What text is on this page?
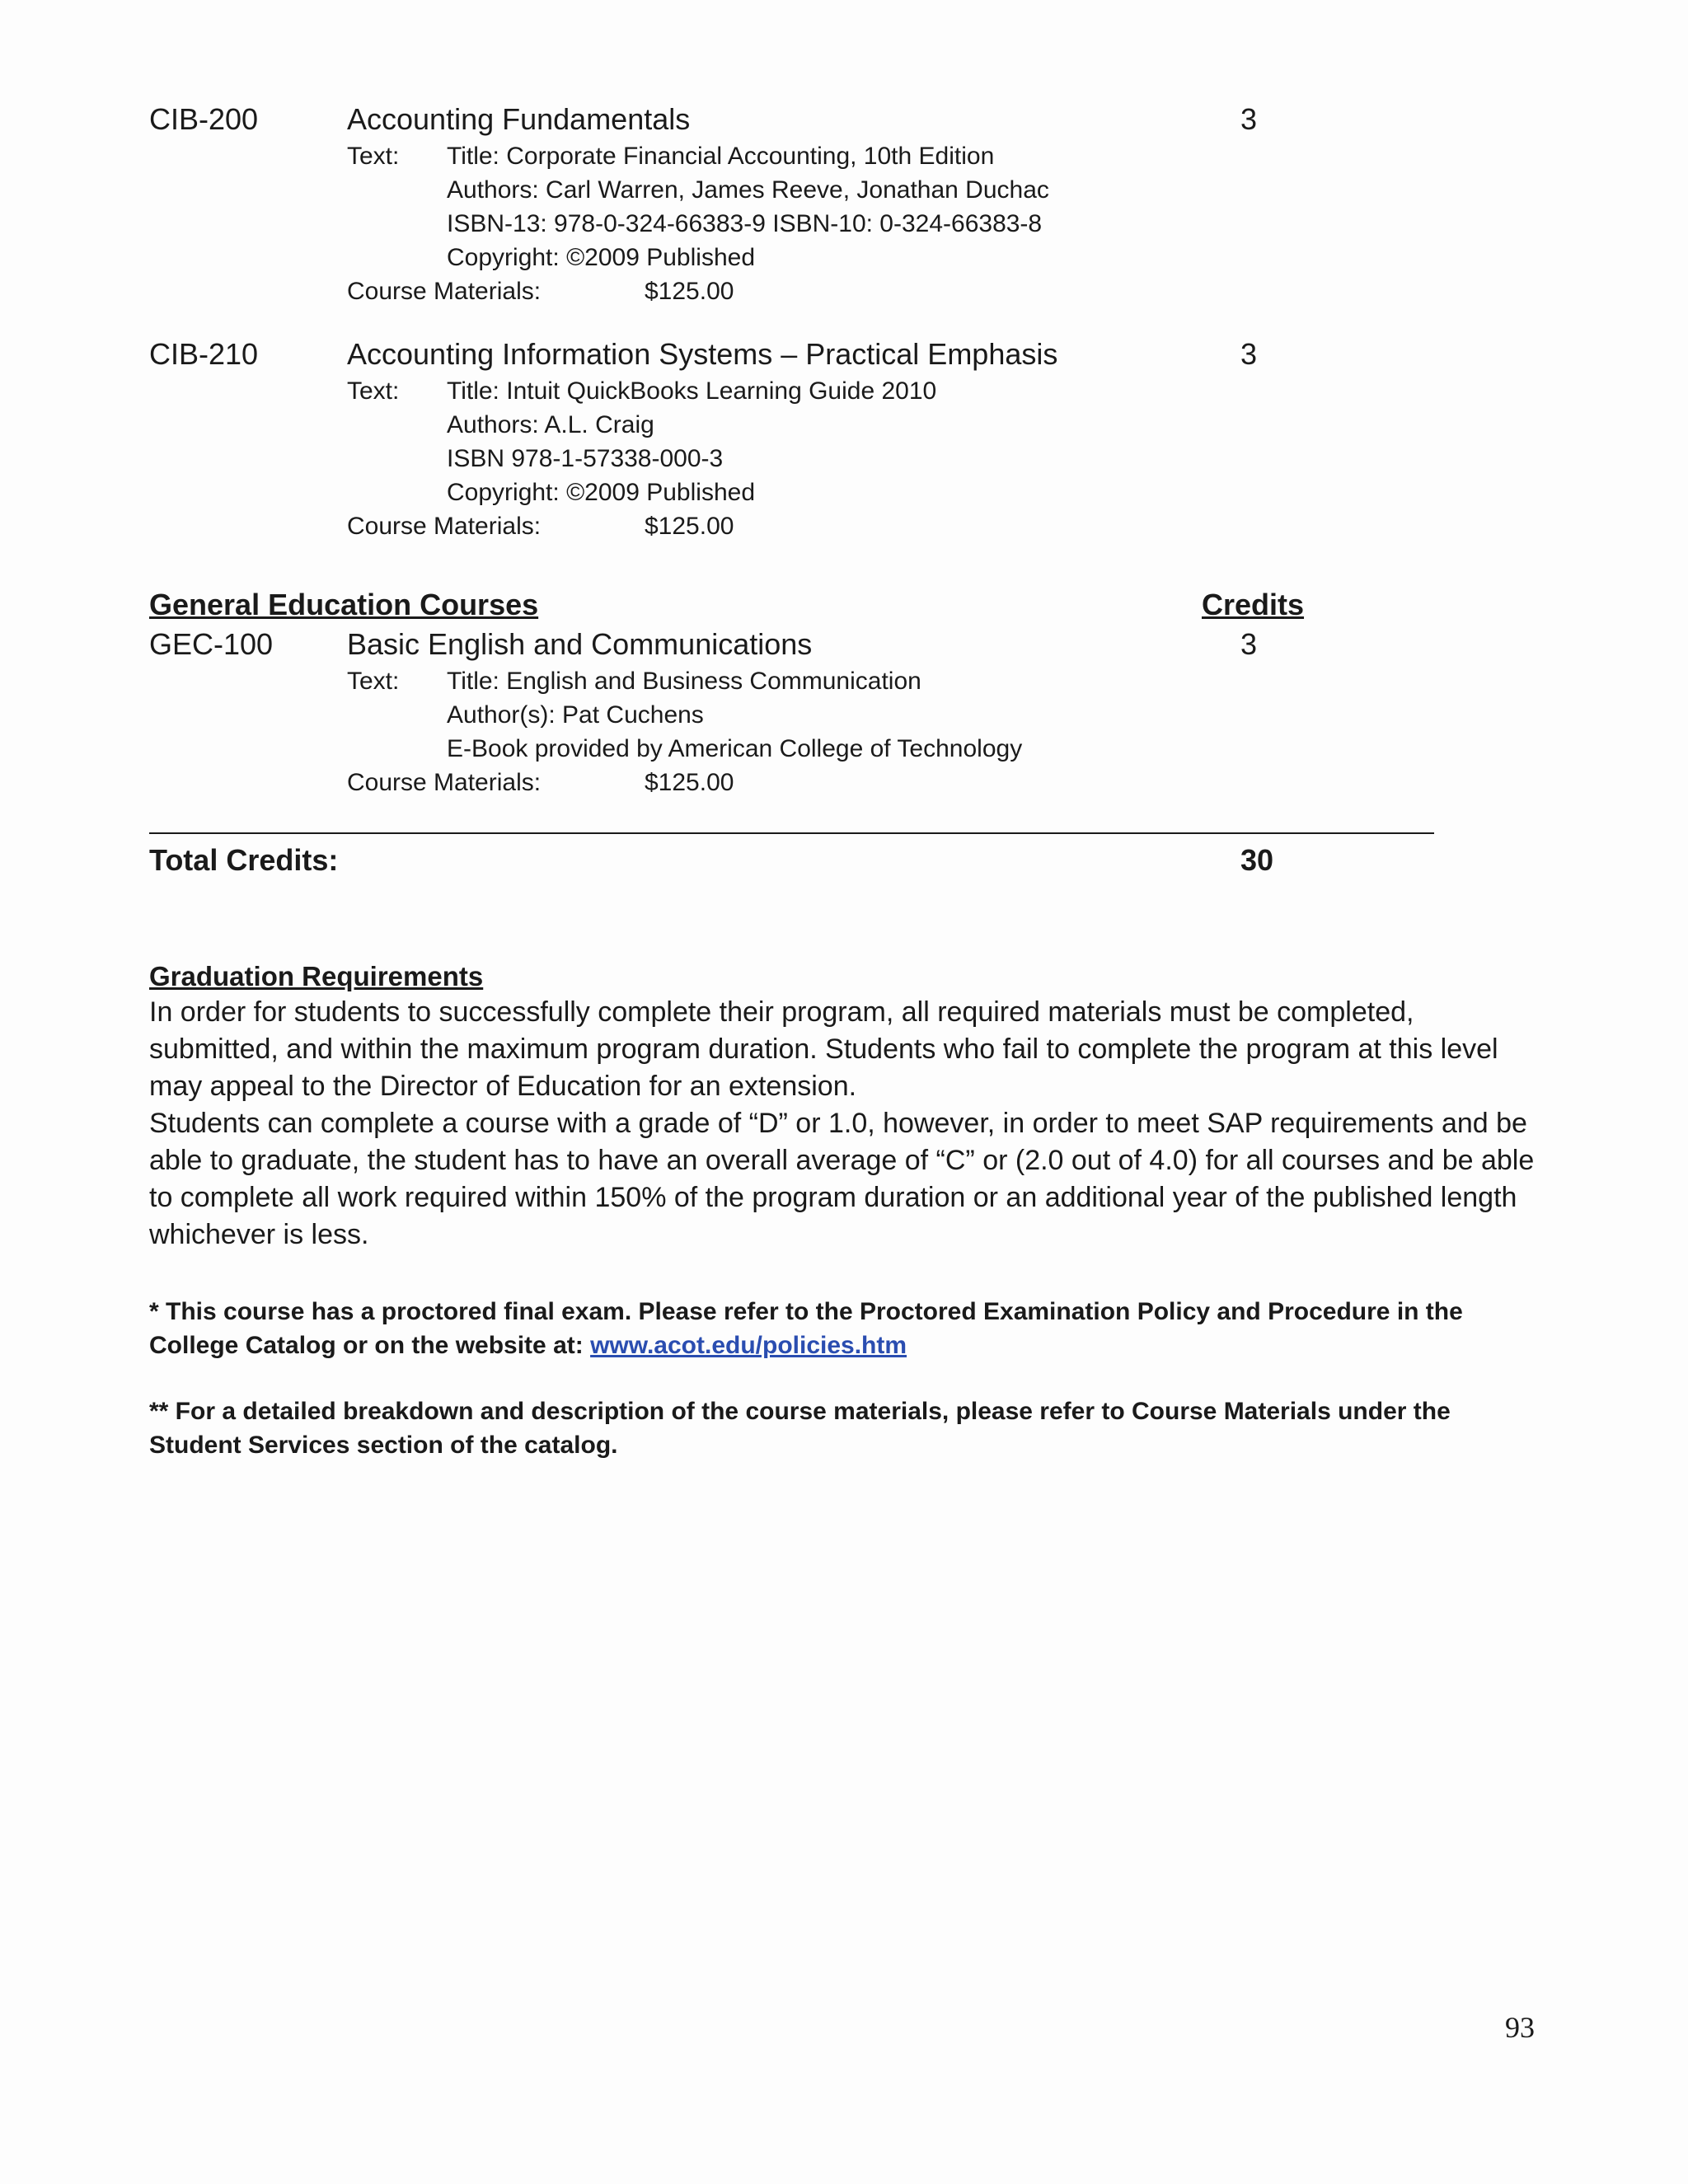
CIB-200	Accounting Fundamentals	3
Text: Title: Corporate Financial Accounting, 10th Edition
Authors: Carl Warren, James Reeve, Jonathan Duchac
ISBN-13: 978-0-324-66383-9 ISBN-10: 0-324-66383-8
Copyright: ©2009 Published
Course Materials:	$125.00
CIB-210	Accounting Information Systems – Practical Emphasis	3
Text: Title: Intuit QuickBooks Learning Guide 2010
Authors: A.L. Craig
ISBN 978-1-57338-000-3
Copyright: ©2009 Published
Course Materials:	$125.00
General Education Courses	Credits
GEC-100 Basic English and Communications	3
Text: Title: English and Business Communication
Author(s): Pat Cuchens
E-Book provided by American College of Technology
Course Materials:	$125.00
Total Credits:	30
Graduation Requirements

In order for students to successfully complete their program, all required materials must be completed, submitted, and within the maximum program duration. Students who fail to complete the program at this level may appeal to the Director of Education for an extension.

Students can complete a course with a grade of “D” or 1.0, however, in order to meet SAP requirements and be able to graduate, the student has to have an overall average of “C” or (2.0 out of 4.0) for all courses and be able to complete all work required within 150% of the program duration or an additional year of the published length whichever is less.

* This course has a proctored final exam. Please refer to the Proctored Examination Policy and Procedure in the College Catalog or on the website at: www.acot.edu/policies.htm
** For a detailed breakdown and description of the course materials, please refer to Course Materials under the Student Services section of the catalog.
93
